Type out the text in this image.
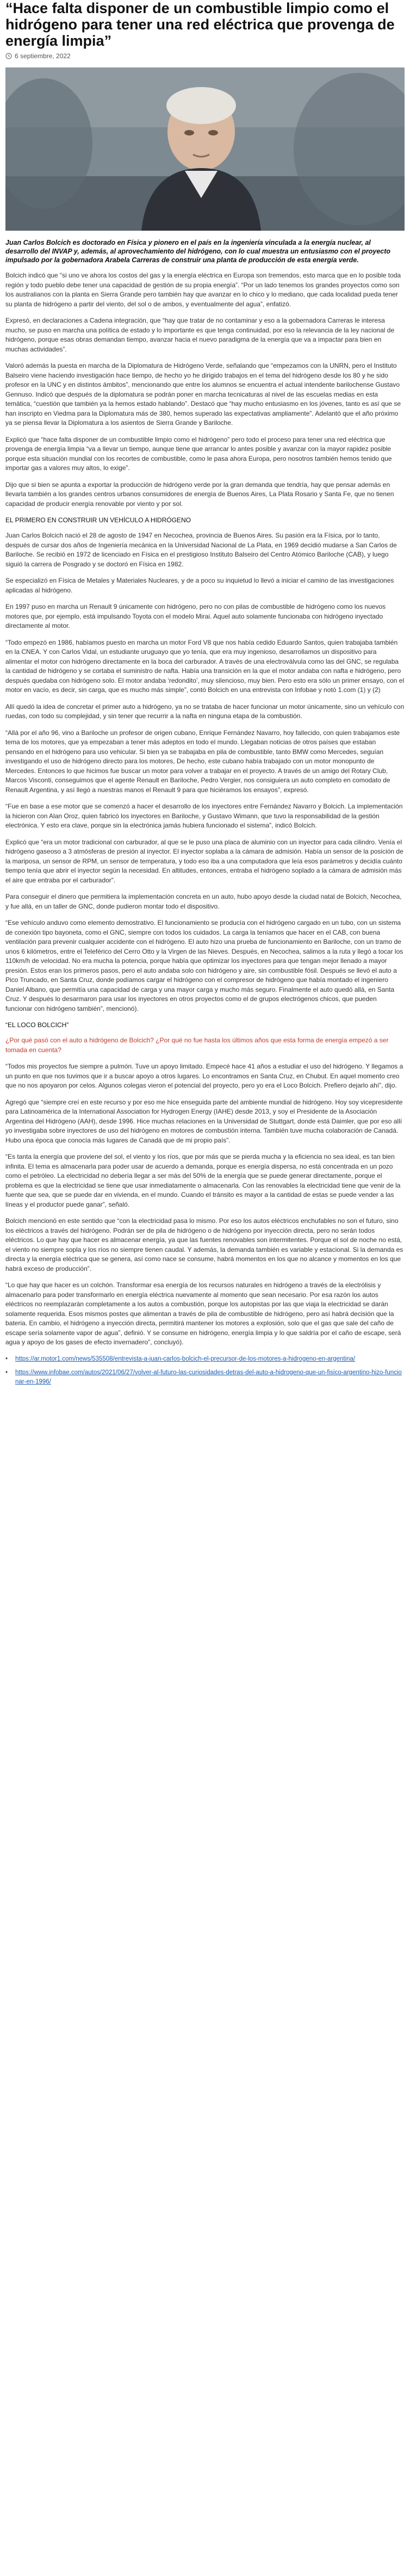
“Hace falta disponer de un combustible limpio como el hidrógeno para tener una red eléctrica que provenga de energía limpia”
6 septiembre, 2022

Juan Carlos Bolcich es doctorado en Física y pionero en el país en la ingeniería vinculada a la energía nuclear, al desarrollo del INVAP y, además, al aprovechamiento del hidrógeno, con lo cual muestra un entusiasmo con el proyecto impulsado por la gobernadora Arabela Carreras de construir una planta de producción de esta energía verde.

Bolcich indicó que “si uno ve ahora los costos del gas y la energía eléctrica en Europa son tremendos, esto marca que en lo posible toda región y todo pueblo debe tener una capacidad de gestión de su propia energía”. “Por un lado tenemos los grandes proyectos como son los australianos con la planta en Sierra Grande pero también hay que avanzar en lo chico y lo mediano, que cada localidad pueda tener su planta de hidrógeno a partir del viento, del sol o de ambos, y eventualmente del agua”, enfatizó.

Expresó, en declaraciones a Cadena integración, que “hay que tratar de no contaminar y eso a la gobernadora Carreras le interesa mucho, se puso en marcha una política de estado y lo importante es que tenga continuidad, por eso la relevancia de la ley nacional de hidrógeno, porque esas obras demandan tiempo, avanzar hacia el nuevo paradigma de la energía que va a impactar para bien en muchas actividades”.

Valoró además la puesta en marcha de la Diplomatura de Hidrógeno Verde, señalando que “empezamos con la UNRN, pero el Instituto Balseiro viene haciendo investigación hace tiempo, de hecho yo he dirigido trabajos en el tema del hidrógeno desde los 80 y he sido profesor en la UNC y en distintos ámbitos”, mencionando que entre los alumnos se encuentra el actual intendente barilochense Gustavo Gennuso. Indicó que después de la diplomatura se podrán poner en marcha tecnicaturas al nivel de las escuelas medias en esta temática, “cuestión que también ya la hemos estado hablando”. Destacó que “hay mucho entusiasmo en los jóvenes, tanto es así que se han inscripto en Viedma para la Diplomatura más de 380, hemos superado las expectativas ampliamente”. Adelantó que el año próximo ya se piensa llevar la Diplomatura a los asientos de Sierra Grande y Bariloche.

Explicó que “hace falta disponer de un combustible limpio como el hidrógeno” pero todo el proceso para tener una red eléctrica que provenga de energía limpia “va a llevar un tiempo, aunque tiene que arrancar lo antes posible y avanzar con la mayor rapidez posible porque esta situación mundial con los recortes de combustible, como le pasa ahora Europa, pero nosotros también hemos tenido que importar gas a valores muy altos, lo exige”.

Dijo que si bien se apunta a exportar la producción de hidrógeno verde por la gran demanda que tendría, hay que pensar además en llevarla también a los grandes centros urbanos consumidores de energía de Buenos Aires, La Plata Rosario y Santa Fe, que no tienen capacidad de producir energía renovable por viento y por sol.

EL PRIMERO EN CONSTRUIR UN VEHÍCULO A HIDRÓGENO

Juan Carlos Bolcich nació el 28 de agosto de 1947 en Necochea, provincia de Buenos Aires. Su pasión era la Física, por lo tanto, después de cursar dos años de Ingeniería mecánica en la Universidad Nacional de La Plata, en 1969 decidió mudarse a San Carlos de Bariloche. Se recibió en 1972 de licenciado en Física en el prestigioso Instituto Balseiro del Centro Atómico Bariloche (CAB), y luego siguió la carrera de Posgrado y se doctoró en Física en 1982.

Se especializó en Física de Metales y Materiales Nucleares, y de a poco su inquietud lo llevó a iniciar el camino de las investigaciones aplicadas al hidrógeno.

En 1997 puso en marcha un Renault 9 únicamente con hidrógeno, pero no con pilas de combustible de hidrógeno como los nuevos motores que, por ejemplo, está impulsando Toyota con el modelo Mirai. Aquel auto solamente funcionaba con hidrógeno inyectado directamente al motor.

“Todo empezó en 1986, habíamos puesto en marcha un motor Ford V8 que nos había cedido Eduardo Santos, quien trabajaba también en la CNEA. Y con Carlos Vidal, un estudiante uruguayo que yo tenía, que era muy ingenioso, desarrollamos un dispositivo para alimentar el motor con hidrógeno directamente en la boca del carburador. A través de una electroválvula como las del GNC, se regulaba la cantidad de hidrógeno y se cortaba el suministro de nafta. Había una transición en la que el motor andaba con nafta e hidrógeno, pero después quedaba con hidrógeno solo. El motor andaba ‘redondito’, muy silencioso, muy bien. Pero esto era sólo un primer ensayo, con el motor en vacío, es decir, sin carga, que es mucho más simple”, contó Bolcich en una entrevista con Infobae y notó 1.com (1) y (2)

Allí quedó la idea de concretar el primer auto a hidrógeno, ya no se trataba de hacer funcionar un motor únicamente, sino un vehículo con ruedas, con todo su complejidad, y sin tener que recurrir a la nafta en ninguna etapa de la combustión.

“Allá por el año 96, vino a Bariloche un profesor de origen cubano, Enrique Fernández Navarro, hoy fallecido, con quien trabajamos este tema de los motores, que ya empezaban a tener más adeptos en todo el mundo. Llegaban noticias de otros países que estaban pensando en el hidrógeno para uso vehicular. Si bien ya se trabajaba en pila de combustible, tanto BMW como Mercedes, seguían investigando el uso de hidrógeno directo para los motores, De hecho, este cubano había trabajado con un motor monopunto de Mercedes. Entonces lo que hicimos fue buscar un motor para volver a trabajar en el proyecto. A través de un amigo del Rotary Club, Marcos Visconti, conseguimos que el agente Renault en Bariloche, Pedro Vergier, nos consiguiera un auto completo en comodato de Renault Argentina, y así llegó a nuestras manos el Renault 9 para que hiciéramos los ensayos”, expresó.

“Fue en base a ese motor que se comenzó a hacer el desarrollo de los inyectores entre Fernández Navarro y Bolcich. La implementación la hicieron con Alan Oroz, quien fabricó los inyectores en Bariloche, y Gustavo Wimann, que tuvo la responsabilidad de la gestión electrónica. Y esto era clave, porque sin la electrónica jamás hubiera funcionado el sistema”, indicó Bolcich.

Explicó que “era un motor tradicional con carburador, al que se le puso una placa de aluminio con un inyector para cada cilindro. Venía el hidrógeno gaseoso a 3 atmósferas de presión al inyector. El inyector soplaba a la cámara de admisión. Había un sensor de la posición de la mariposa, un sensor de RPM, un sensor de temperatura, y todo eso iba a una computadora que leía esos parámetros y decidía cuánto tiempo tenía que abrir el inyector según la necesidad. En altitudes, entonces, entraba el hidrógeno soplado a la cámara de admisión más el aire que entraba por el carburador”.

Para conseguir el dinero que permitiera la implementación concreta en un auto, hubo apoyo desde la ciudad natal de Bolcich, Necochea, y fue allá, en un taller de GNC, donde pudieron montar todo el dispositivo.

“Ese vehículo anduvo como elemento demostrativo. El funcionamiento se producía con el hidrógeno cargado en un tubo, con un sistema de conexión tipo bayoneta, como el GNC, siempre con todos los cuidados. La carga la teníamos que hacer en el CAB, con buena ventilación para prevenir cualquier accidente con el hidrógeno. El auto hizo una prueba de funcionamiento en Bariloche, con un tramo de unos 6 kilómetros, entre el Teleférico del Cerro Otto y la Virgen de las Nieves. Después, en Necochea, salimos a la ruta y llegó a tocar los 110km/h de velocidad. No era mucha la potencia, porque había que optimizar los inyectores para que tengan mejor llenado a mayor presión. Estos eran los primeros pasos, pero el auto andaba solo con hidrógeno y aire, sin combustible fósil. Después se llevó el auto a Pico Truncado, en Santa Cruz, donde podíamos cargar el hidrógeno con el compresor de hidrógeno que había montado el ingeniero Daniel Albano, que permitía una capacidad de carga y una mayor carga y mucho más seguro. Finalmente el auto quedó allá, en Santa Cruz. Y después lo desarmaron para usar los inyectores en otros proyectos como el de grupos electrógenos chicos, que pueden funcionar con hidrógeno también”, mencionó).

“EL LOCO BOLCICH”

¿Por qué pasó con el auto a hidrógeno de Bolcich? ¿Por qué no fue hasta los últimos años que esta forma de energía empezó a ser tomada en cuenta?

“Todos mis proyectos fue siempre a pulmón. Tuve un apoyo limitado. Empecé hace 41 años a estudiar el uso del hidrógeno. Y llegamos a un punto en que nos tuvimos que ir a buscar apoyo a otros lugares. Lo encontramos en Santa Cruz, en Chubut. En aquel momento creo que no nos apoyaron por celos. Algunos colegas vieron el potencial del proyecto, pero yo era el Loco Bolcich. Prefiero dejarlo ahí”, dijo.

Agregó que “siempre creí en este recurso y por eso me hice enseguida parte del ambiente mundial de hidrógeno. Hoy soy vicepresidente para Latinoamérica de la International Association for Hydrogen Energy (IAHE) desde 2013, y soy el Presidente de la Asociación Argentina del Hidrógeno (AAH), desde 1996. Hice muchas relaciones en la Universidad de Stuttgart, donde está Daimler, que por eso allí yo investigaba sobre inyectores de uso del hidrógeno en motores de combustión interna. También tuve mucha colaboración de Canadá. Hubo una época que conocía más lugares de Canadá que de mi propio país”.

“Es tanta la energía que proviene del sol, el viento y los ríos, que por más que se pierda mucha y la eficiencia no sea ideal, es tan bien infinita. El tema es almacenarla para poder usar de acuerdo a demanda, porque es energía dispersa, no está concentrada en un pozo como el petróleo. La electricidad no debería llegar a ser más del 50% de la energía que se puede generar directamente, porque el problema es que la electricidad se tiene que usar inmediatamente o almacenarla. Con las renovables la electricidad tiene que venir de la fuente que sea, que se puede dar en vivienda, en el mundo. Cuando el tránsito es mayor a la cantidad de estas se puede vender a las líneas y el productor puede ganar”, señaló.

Bolcich mencionó en este sentido que “con la electricidad pasa lo mismo. Por eso los autos eléctricos enchufables no son el futuro, sino los eléctricos a través del hidrógeno. Podrán ser de pila de hidrógeno o de hidrógeno por inyección directa, pero no serán todos eléctricos. Lo que hay que hacer es almacenar energía, ya que las fuentes renovables son intermitentes. Porque el sol de noche no está, el viento no siempre sopla y los ríos no siempre tienen caudal. Y además, la demanda también es variable y estacional. Si la demanda es directa y la energía eléctrica que se genera, así como nace se consume, habrá momentos en los que no alcance y momentos en los que habrá exceso de producción”.

“Lo que hay que hacer es un colchón. Transformar esa energía de los recursos naturales en hidrógeno a través de la electrólisis y almacenarlo para poder transformarlo en energía eléctrica nuevamente al momento que sean necesario. Por esa razón los autos eléctricos no reemplazarán completamente a los autos a combustión, porque los autopistas por las que viaja la electricidad se darán solamente requerida. Esos mismos postes que alimentan a través de pila de combustible de hidrógeno, pero así habrá decisión que la bateria. En cambio, el hidrógeno a inyección directa, permitirá mantener los motores a explosión, solo que el gas que sale del caño de escape sería solamente vapor de agua”, definió. Y se consume en hidrógeno, energía limpia y lo que saldría por el caño de escape, será agua y apoyo de los gases de efecto invernadero”, concluyó).

•	https://ar.motor1.com/news/535508/entrevista-a-juan-carlos-bolcich-el-precursor-de-los-motores-a-hidrogeno-en-argentina/
•	https://www.infobae.com/autos/2021/06/27/volver-al-futuro-las-curiosidades-detras-del-auto-a-hidrogeno-que-un-fisico-argentino-hizo-funcionar-en-1996/
